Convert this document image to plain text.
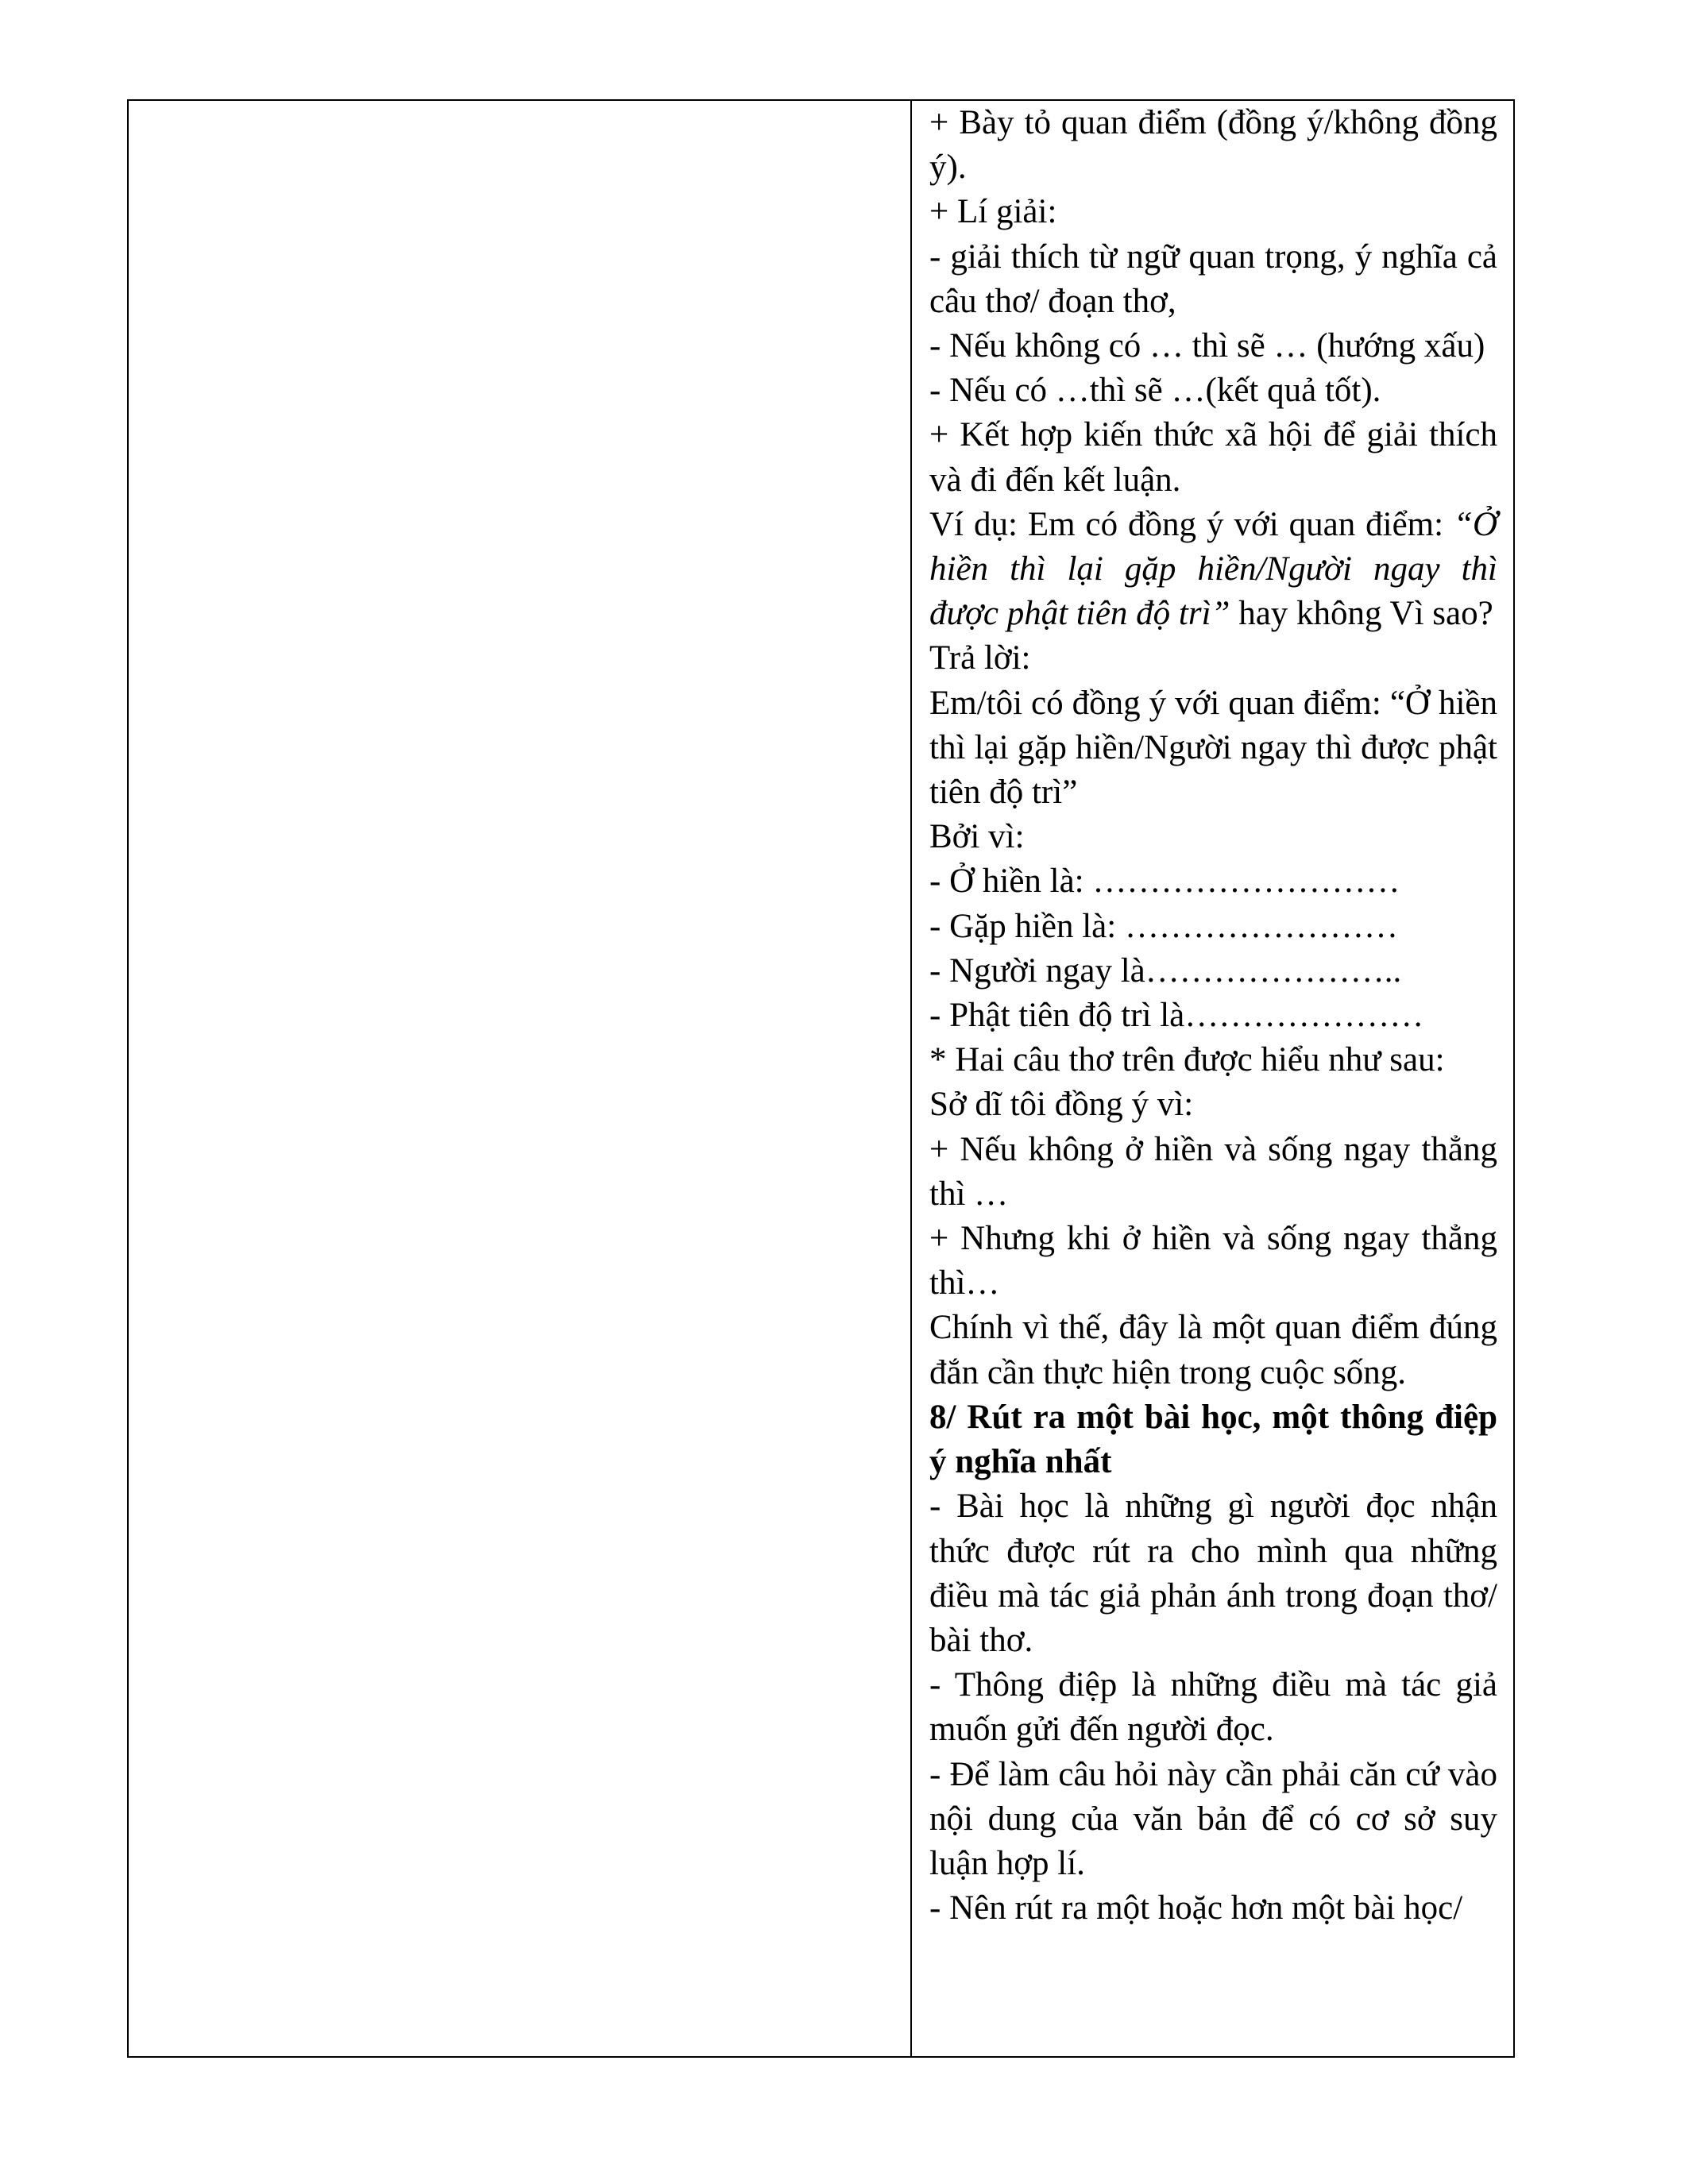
+ Bày tỏ quan điểm (đồng ý/không đồng ý).

+ Lí giải:

- giải thích từ ngữ quan trọng, ý nghĩa cả câu thơ/ đoạn thơ,

- Nếu không có … thì sẽ … (hướng xấu)

- Nếu có …thì sẽ …(kết quả tốt).

+ Kết hợp kiến thức xã hội để giải thích và đi đến kết luận.

Ví dụ: Em có đồng ý với quan điểm: “Ở hiền thì lại gặp hiền/Người ngay thì được phật tiên độ trì” hay không Vì sao?

Trả lời:

Em/tôi có đồng ý với quan điểm: “Ở hiền thì lại gặp hiền/Người ngay thì được phật tiên độ trì”

Bởi vì:

- Ở hiền là: ………………………

- Gặp hiền là: ……………………

- Người ngay là…………………..

- Phật tiên độ trì là…………………

* Hai câu thơ trên được hiểu như sau:

Sở dĩ tôi đồng ý vì:

+ Nếu không ở hiền và sống ngay thẳng thì …

+ Nhưng khi ở hiền và sống ngay thẳng thì…

Chính vì thế, đây là một quan điểm đúng đắn cần thực hiện trong cuộc sống.

8/ Rút ra một bài học, một thông điệp ý nghĩa nhất

- Bài học là những gì người đọc nhận thức được rút ra cho mình qua những điều mà tác giả phản ánh trong đoạn thơ/ bài thơ.

- Thông điệp là những điều mà tác giả muốn gửi đến người đọc.

- Để làm câu hỏi này cần phải căn cứ vào nội dung của văn bản để có cơ sở suy luận hợp lí.

- Nên rút ra một hoặc hơn một bài học/
